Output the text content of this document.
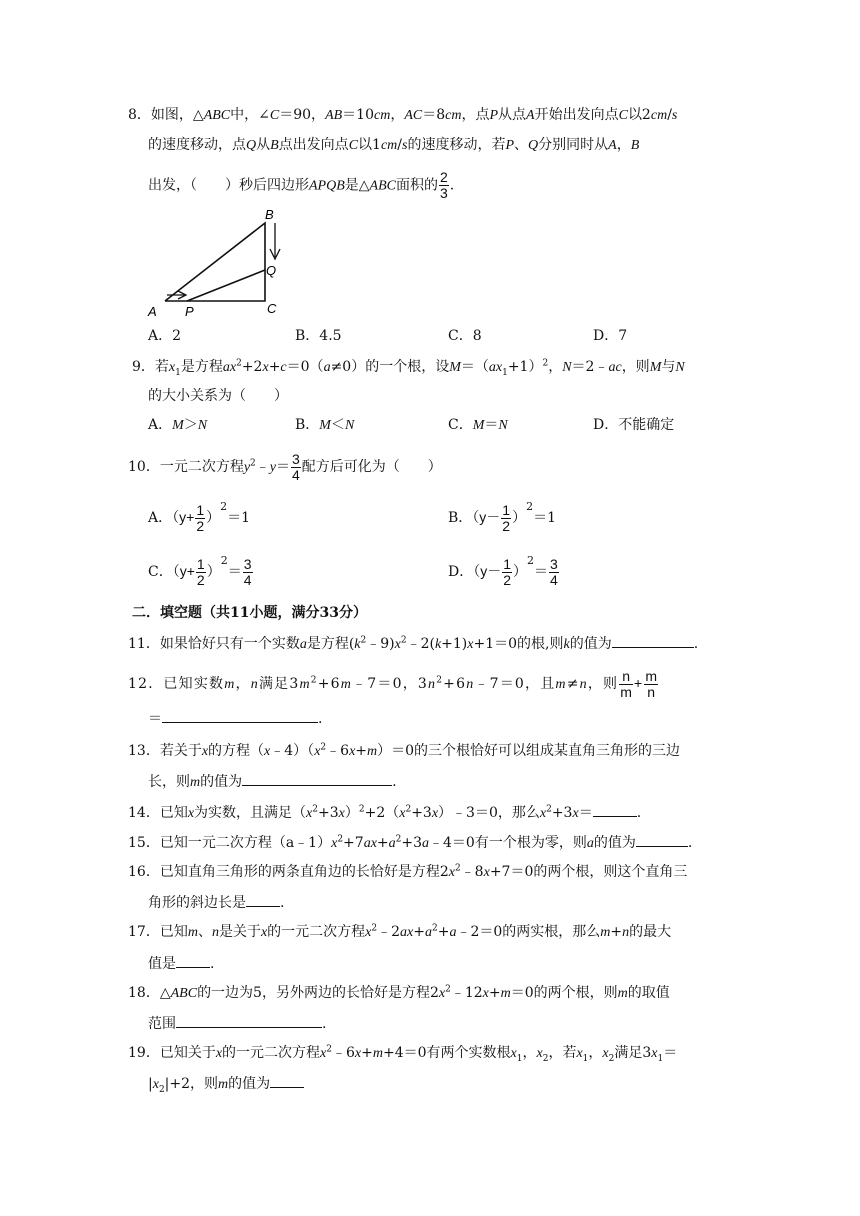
8．如图，△ABC中，∠C＝90，AB＝10cm，AC＝8cm，点P从点A开始出发向点C以2cm/s
的速度移动，点Q从B点出发向点C以1cm/s的速度移动，若P、Q分别同时从A，B
出发，（　　）秒后四边形APQB是△ABC面积的 $\frac{2}{3}$ .
B
Q
C
A P
A．2	B．4.5	C．8	D．7
9．若$x_1$是方程$ax^2+2x+c=0(a\ne 0)$的一个根，设$M=(ax_1+1)^2$，N＝2﹣ac，则M与N
的大小关系为（　　）
A．M＞N	B．M＜N	C．M＝N	D．不能确定
10．一元二次方程$y^2﹣y= \frac{3}{4}$ 配方后可化为（　　）
A．$(y+ \frac{1}{2} )^2=1$	B．$(y- \frac{1}{2} )^2=1$
C．$(y+ \frac{1}{2} )^2= \frac{3}{4}$	D．$(y- \frac{1}{2} )^2= \frac{3}{4}$
二．填空题（共11小题，满分33分）
11．如果恰好只有一个实数a是方程$(k^2﹣9)x^2﹣2(k+1)x+1=0$的根,则k的值为	.
12．已知实数m，n满足$3m^2+6m﹣7=0$，$3n^2+6n﹣7=0$，且m≠n，则 $\frac{n}{m} + \frac{m}{n}$
＝	.
13．若关于x的方程$(x﹣4)(x^2﹣6x+m)=0$的三个根恰好可以组成某直角三角形的三边
长，则m的值为	.
14．已知x为实数，且满足$(x^2+3x)^2+2(x^2+3x)﹣3=0$，那么$x^2+3x=$	.
15．已知一元二次方程$(a﹣1)x^2+7ax+a^2+3a﹣4=0$有一个根为零，则a的值为	.
16．已知直角三角形的两条直角边的长恰好是方程$2x^2﹣8x+7=0$的两个根，则这个直角三
角形的斜边长是 .
17．已知m、n是关于x的一元二次方程$x^2﹣2ax+a^2+a﹣2=0$的两实根，那么m+n的最大
值是 .
18．△ABC的一边为5，另外两边的长恰好是方程$2x^2﹣12x+m=0$的两个根，则m的取值
范围	.
19．已知关于x的一元二次方程$x^2﹣6x+m+4=0$有两个实数根$x_1$，$x_2$，若$x_1$，$x_2$满足$3x_1=$
$|x_2|+2$，则m的值为
